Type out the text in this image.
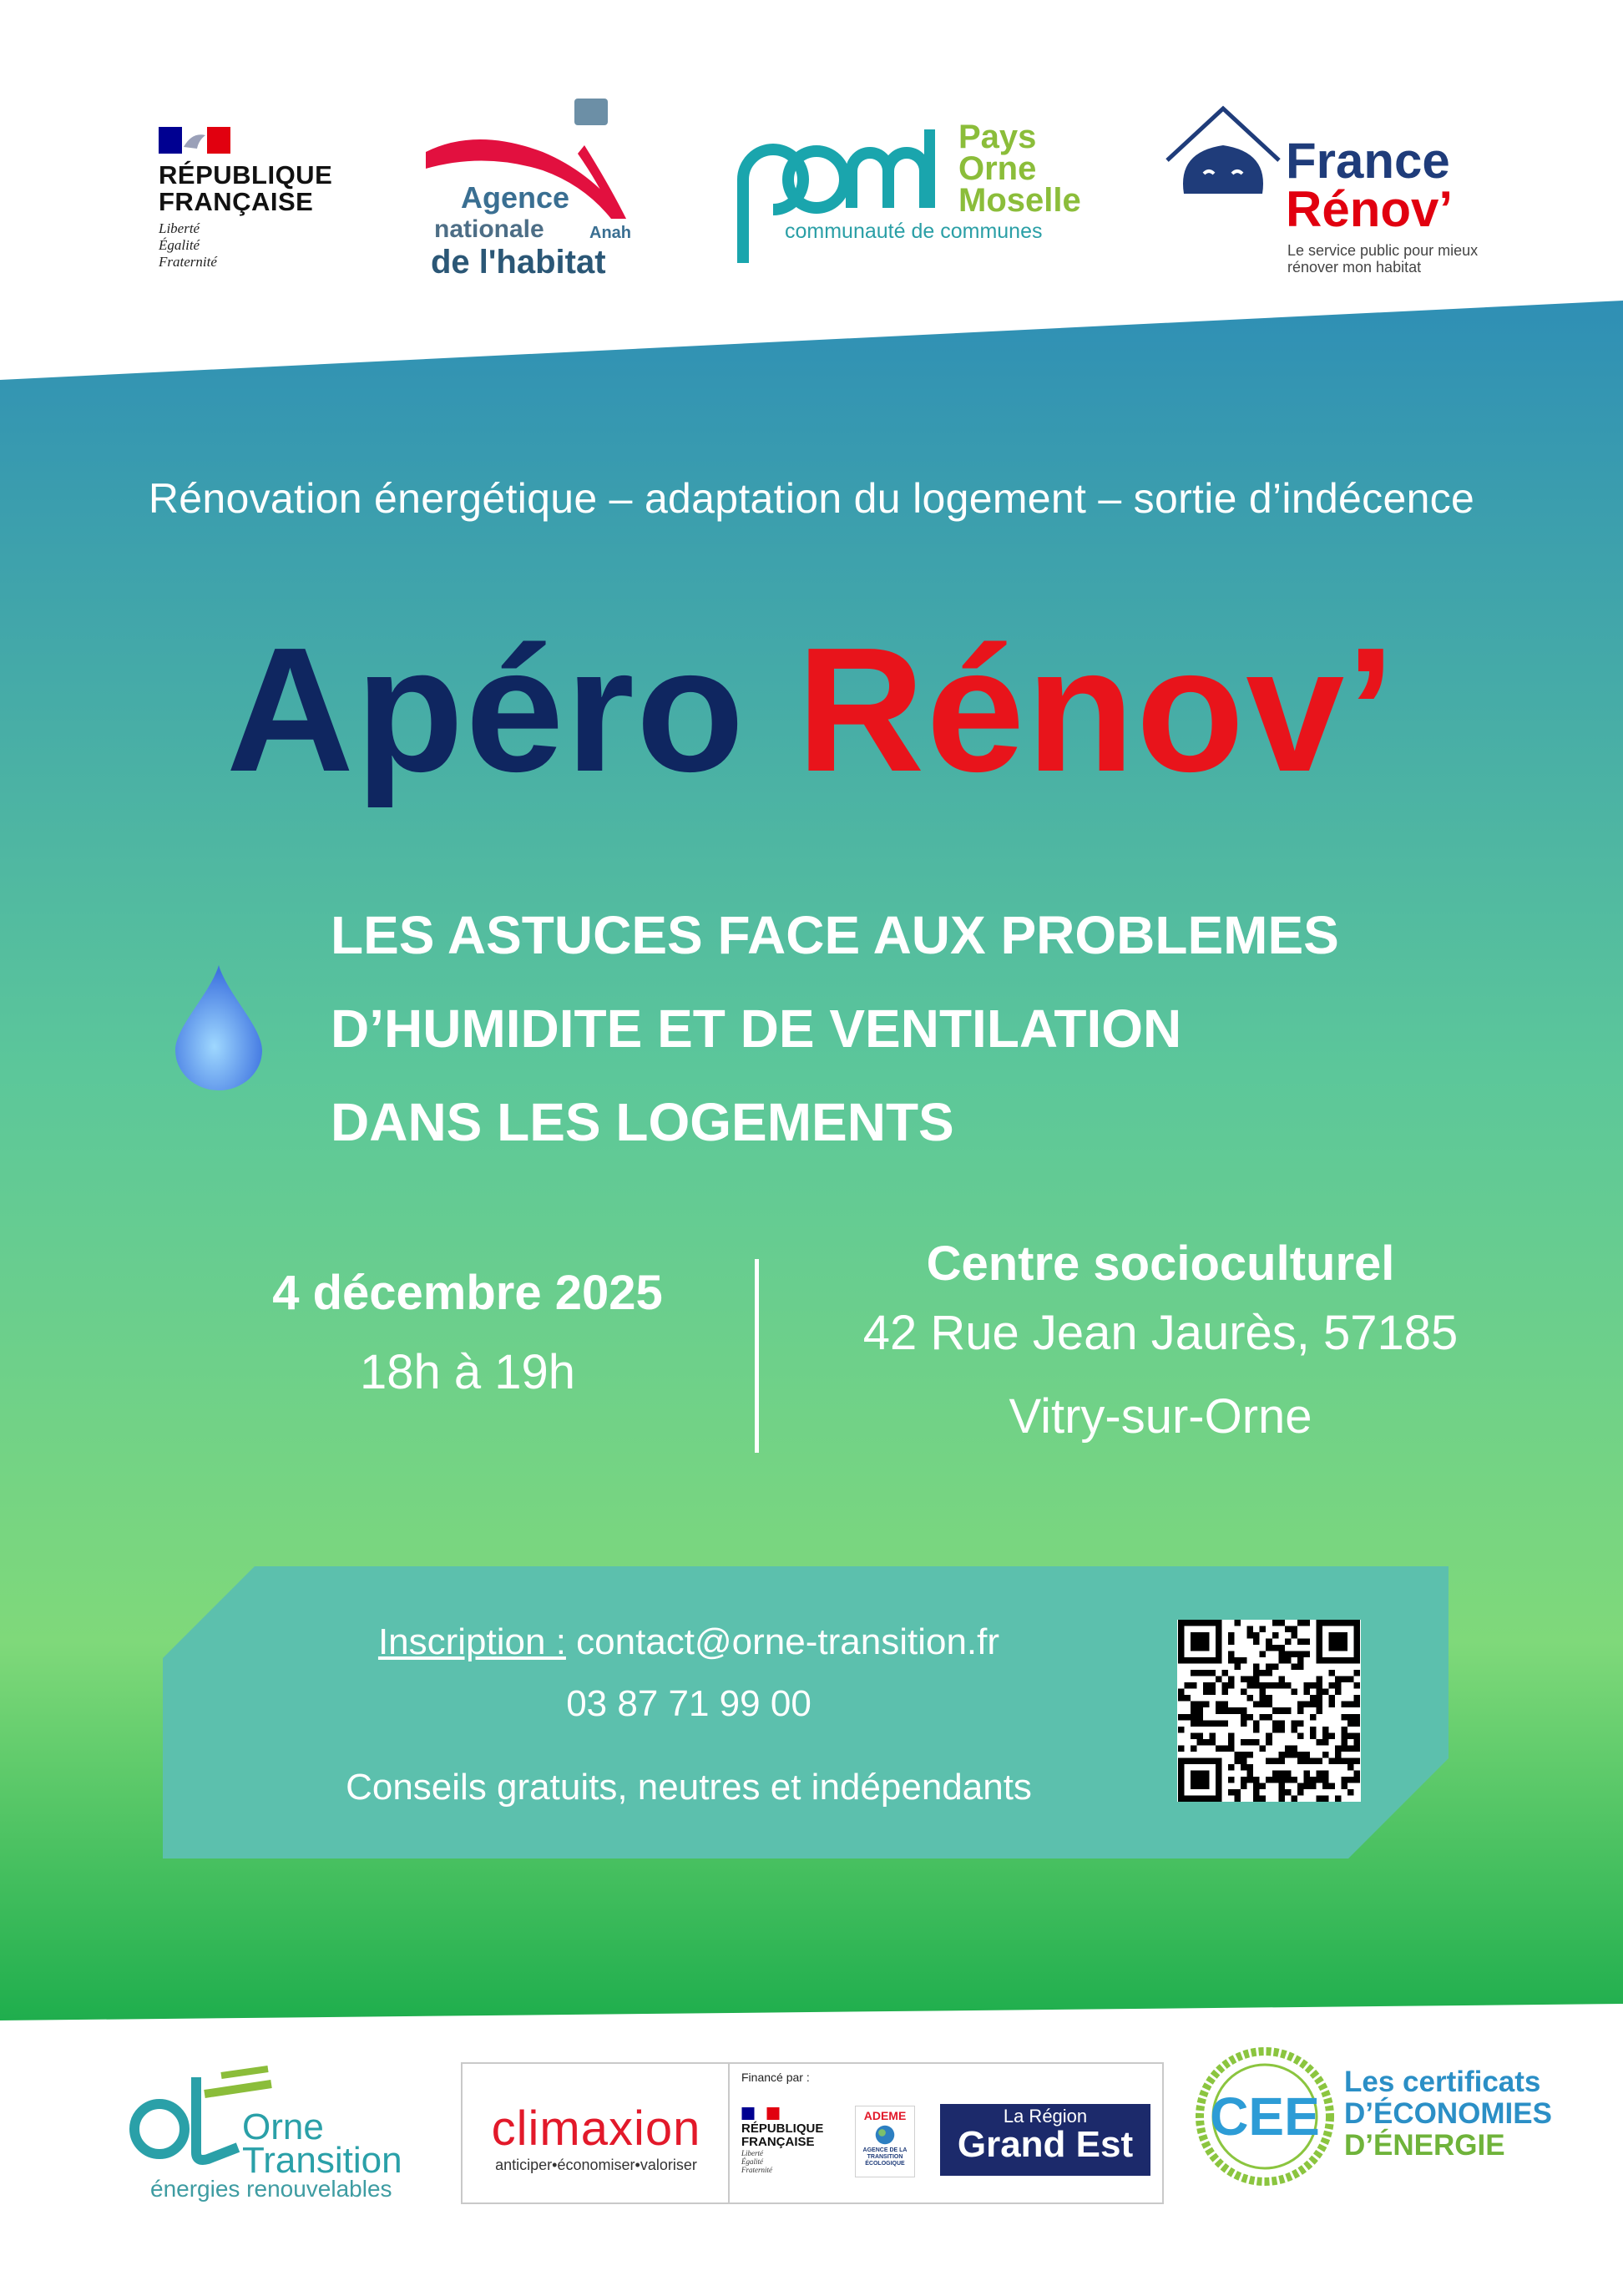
RÉPUBLIQUE
FRANÇAISE
Liberté
Égalité
Fraternité
Agence
nationale	Anah
de l'habitat
Pays
Orne
Moselle
communauté de communes
France
Rénov’
Le service public pour mieux
rénover mon habitat
Rénovation énergétique – adaptation du logement – sortie d’indécence
Apéro Rénov’
LES ASTUCES FACE AUX PROBLEMES
D’HUMIDITE ET DE VENTILATION
DANS LES LOGEMENTS
4 décembre 2025
18h à 19h
Centre socioculturel
42 Rue Jean Jaurès, 57185
Vitry-sur-Orne
Inscription : contact@orne-transition.fr
03 87 71 99 00
Conseils gratuits, neutres et indépendants
Orne
Transition
énergies renouvelables
climaxion
anticiper•économiser•valoriser
Financé par :
RÉPUBLIQUE
FRANÇAISE
Liberté
Égalité
Fraternité
ADEME
AGENCE DE LA TRANSITION ÉCOLOGIQUE
La Région
Grand Est	CEE
Les certificats
D’ÉCONOMIES
D’ÉNERGIE
